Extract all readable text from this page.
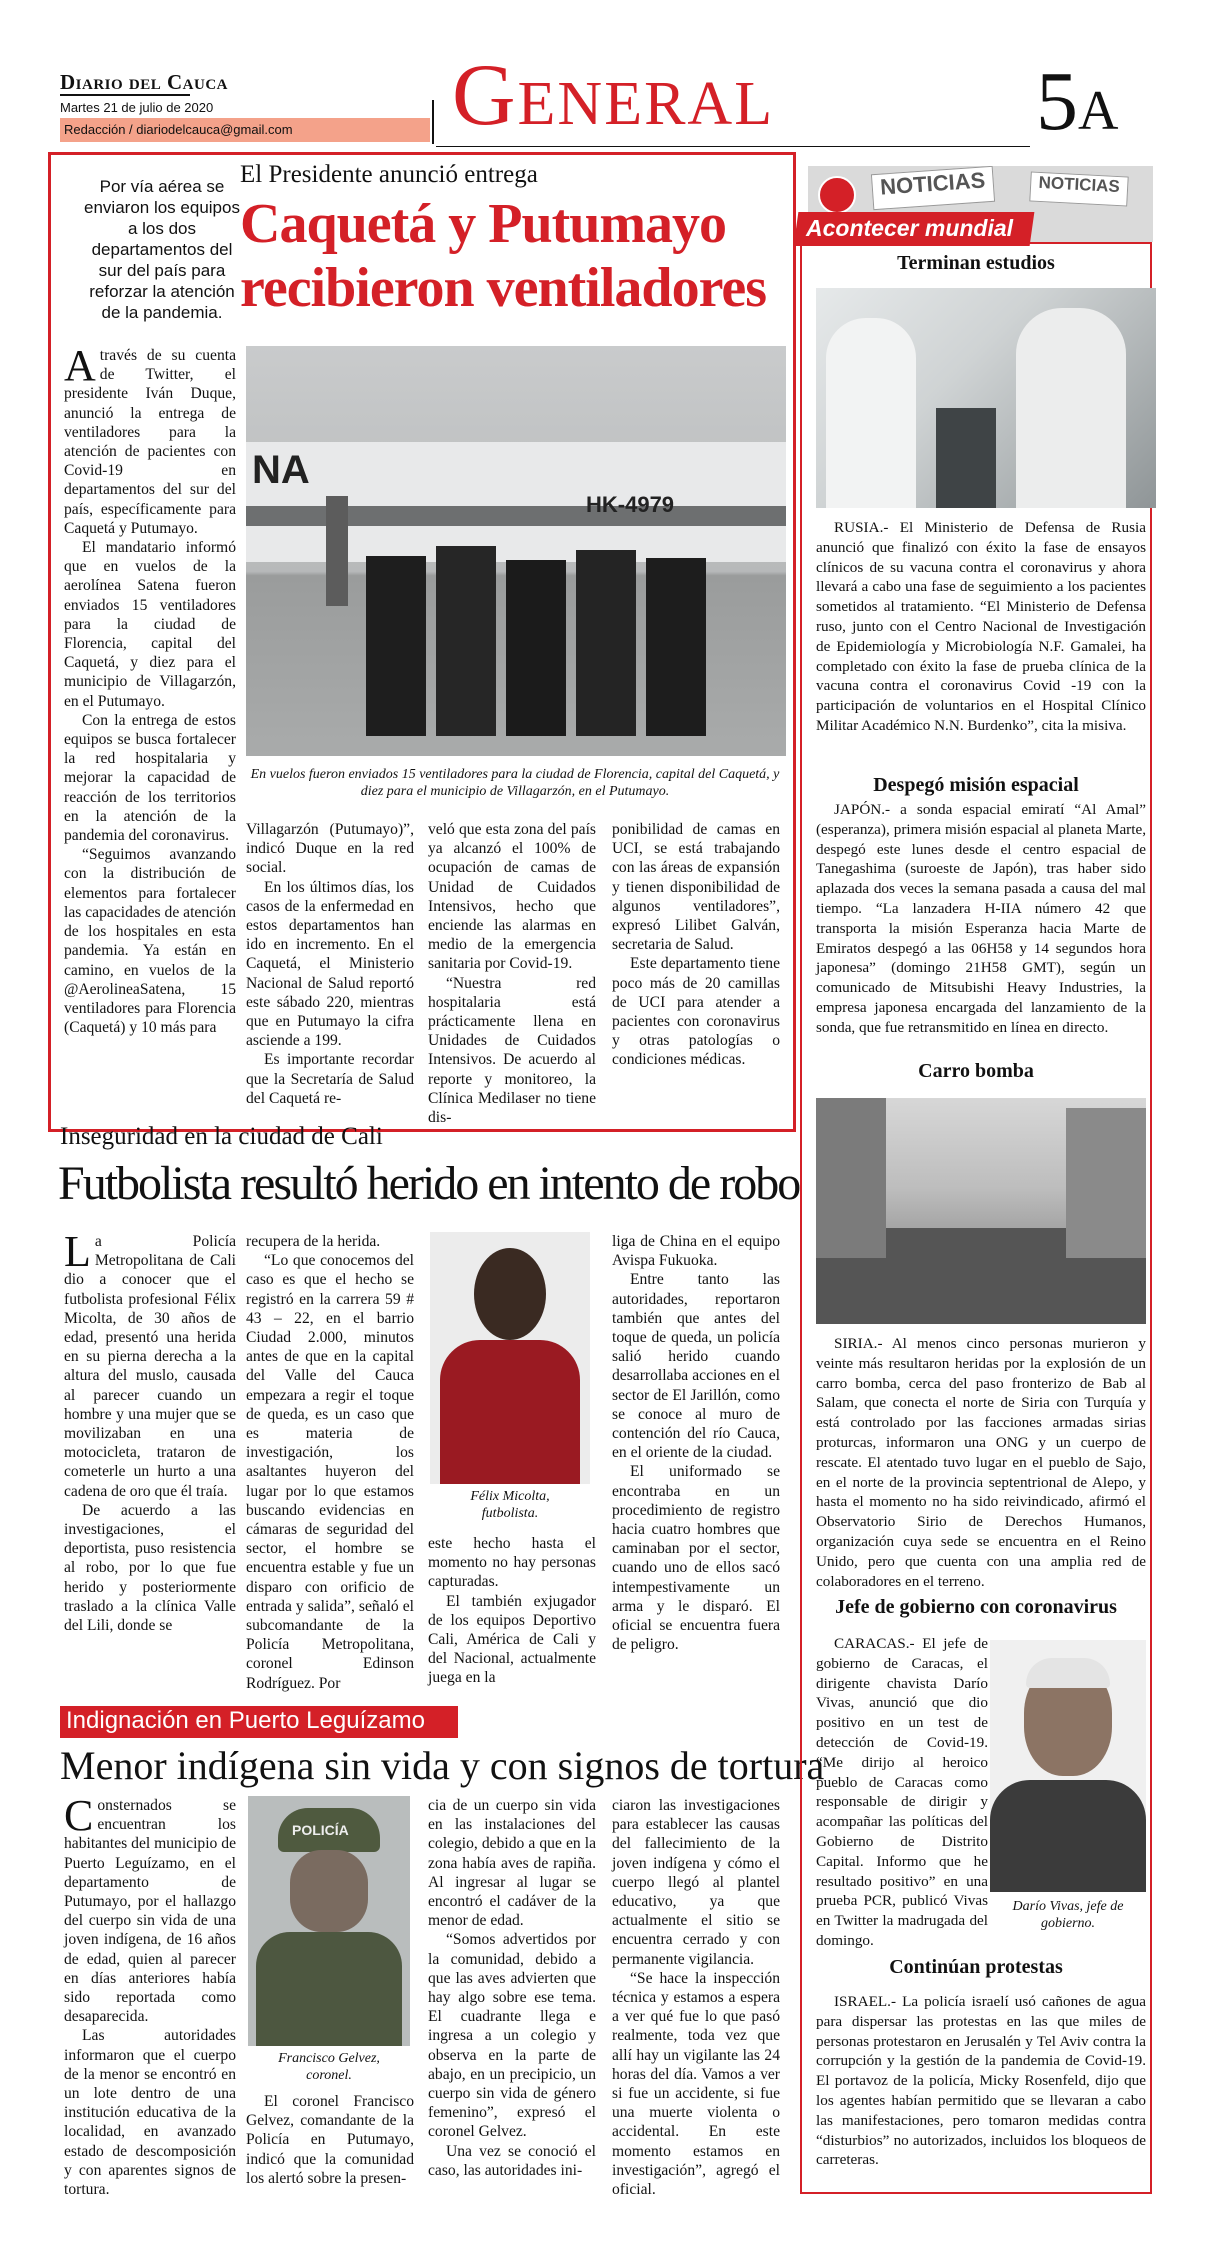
Diario del Cauca
Martes 21 de julio de 2020
Redacción / diariodelcauca@gmail.com General	5A
Por vía aérea se enviaron los equipos a los dos departamentos del sur del país para reforzar la atención de la pandemia.
El Presidente anunció entrega
Caquetá y Putumayo recibieron ventiladores
NA
HK-4979
En vuelos fueron enviados 15 ventiladores para la ciudad de Florencia, capital del Caquetá, y diez para el municipio de Villagarzón, en el Putumayo.

Através de su cuenta de Twitter, el presidente Iván Duque, anunció la entrega de ventiladores para la atención de pacientes con Covid-19 en departamentos del sur del país, específicamente para Caquetá y Putumayo.

El mandatario informó que en vuelos de la aerolínea Satena fueron enviados 15 ventiladores para la ciudad de Florencia, capital del Caquetá, y diez para el municipio de Villagarzón, en el Putumayo.

Con la entrega de estos equipos se busca fortalecer la red hospitalaria y mejorar la capacidad de reacción de los territorios en la atención de la pandemia del coronavirus.

“Seguimos avanzando con la distribución de elementos para fortalecer las capacidades de atención de los hospitales en esta pandemia. Ya están en camino, en vuelos de la @AerolineaSatena, 15 ventiladores para Florencia (Caquetá) y 10 más para

Villagarzón (Putumayo)”, indicó Duque en la red social.

En los últimos días, los casos de la enfermedad en estos departamentos han ido en incremento. En el Caquetá, el Ministerio Nacional de Salud reportó este sábado 220, mientras que en Putumayo la cifra asciende a 199.

Es importante recordar que la Secretaría de Salud del Caquetá re-

veló que esta zona del país ya alcanzó el 100% de ocupación de camas de Unidad de Cuidados Intensivos, hecho que enciende las alarmas en medio de la emergencia sanitaria por Covid-19.

“Nuestra red hospitalaria está prácticamente llena en Unidades de Cuidados Intensivos. De acuerdo al reporte y monitoreo, la Clínica Medilaser no tiene dis-

ponibilidad de camas en UCI, se está trabajando con las áreas de expansión y tienen disponibilidad de algunos ventiladores”, expresó Lilibet Galván, secretaria de Salud.

Este departamento tiene poco más de 20 camillas de UCI para atender a pacientes con coronavirus y otras patologías o condiciones médicas.

Inseguridad en la ciudad de Cali
Futbolista resultó herido en intento de robo

La Policía Metropolitana de Cali dio a conocer que el futbolista profesional Félix Micolta, de 30 años de edad, presentó una herida en su pierna derecha a la altura del muslo, causada al parecer cuando un hombre y una mujer que se movilizaban en una motocicleta, trataron de cometerle un hurto a una cadena de oro que él traía.

De acuerdo a las investigaciones, el deportista, puso resistencia al robo, por lo que fue herido y posteriormente traslado a la clínica Valle del Lili, donde se

recupera de la herida.

“Lo que conocemos del caso es que el hecho se registró en la carrera 59 # 43 – 22, en el barrio Ciudad 2.000, minutos antes de que en la capital del Valle del Cauca empezara a regir el toque de queda, es un caso que es materia de investigación, los asaltantes huyeron del lugar por lo que estamos buscando evidencias en cámaras de seguridad del sector, el hombre se encuentra estable y fue un disparo con orificio de entrada y salida”, señaló el subcomandante de la Policía Metropolitana, coronel Edinson Rodríguez. Por

Félix Micolta, futbolista.

este hecho hasta el momento no hay personas capturadas.

El también exjugador de los equipos Deportivo Cali, América de Cali y del Nacional, actualmente juega en la

liga de China en el equipo Avispa Fukuoka.

Entre tanto las autoridades, reportaron también que antes del toque de queda, un policía salió herido cuando desarrollaba acciones en el sector de El Jarillón, como se conoce al muro de contención del río Cauca, en el oriente de la ciudad.

El uniformado se encontraba en un procedimiento de registro hacia cuatro hombres que caminaban por el sector, cuando uno de ellos sacó intempestivamente un arma y le disparó. El oficial se encuentra fuera de peligro.

Indignación en Puerto Leguízamo
Menor indígena sin vida y con signos de tortura

Consternados se encuentran los habitantes del municipio de Puerto Leguízamo, en el departamento de Putumayo, por el hallazgo del cuerpo sin vida de una joven indígena, de 16 años de edad, quien al parecer en días anteriores había sido reportada como desaparecida.

Las autoridades informaron que el cuerpo de la menor se encontró en un lote dentro de una institución educativa de la localidad, en avanzado estado de descomposición y con aparentes signos de tortura.

POLICÍA
Francisco Gelvez, coronel.

El coronel Francisco Gelvez, comandante de la Policía en Putumayo, indicó que la comunidad los alertó sobre la presen-

cia de un cuerpo sin vida en las instalaciones del colegio, debido a que en la zona había aves de rapiña. Al ingresar al lugar se encontró el cadáver de la menor de edad.

“Somos advertidos por la comunidad, debido a que las aves advierten que hay algo sobre ese tema. El cuadrante llega e ingresa a un colegio y observa en la parte de abajo, en un precipicio, un cuerpo sin vida de género femenino”, expresó el coronel Gelvez.

Una vez se conoció el caso, las autoridades ini-

ciaron las investigaciones para establecer las causas del fallecimiento de la joven indígena y cómo el cuerpo llegó al plantel educativo, ya que actualmente el sitio se encuentra cerrado y con permanente vigilancia.

“Se hace la inspección técnica y estamos a espera a ver qué fue lo que pasó realmente, toda vez que allí hay un vigilante las 24 horas del día. Vamos a ver si fue un accidente, si fue una muerte violenta o accidental. En este momento estamos en investigación”, agregó el oficial.

NOTICIAS	NOTICIAS
Acontecer mundial
Terminan estudios

RUSIA.- El Ministerio de Defensa de Rusia anunció que finalizó con éxito la fase de ensayos clínicos de su vacuna contra el coronavirus y ahora llevará a cabo una fase de seguimiento a los pacientes sometidos al tratamiento. “El Ministerio de Defensa ruso, junto con el Centro Nacional de Investigación de Epidemiología y Microbiología N.F. Gamalei, ha completado con éxito la fase de prueba clínica de la vacuna contra el coronavirus Covid -19 con la participación de voluntarios en el Hospital Clínico Militar Académico N.N. Burdenko”, cita la misiva.

Despegó misión espacial

JAPÓN.- a sonda espacial emiratí “Al Amal” (esperanza), primera misión espacial al planeta Marte, despegó este lunes desde el centro espacial de Tanegashima (suroeste de Japón), tras haber sido aplazada dos veces la semana pasada a causa del mal tiempo. “La lanzadera H-IIA número 42 que transporta la misión Esperanza hacia Marte de Emiratos despegó a las 06H58 y 14 segundos hora japonesa” (domingo 21H58 GMT), según un comunicado de Mitsubishi Heavy Industries, la empresa japonesa encargada del lanzamiento de la sonda, que fue retransmitido en línea en directo.

Carro bomba

SIRIA.- Al menos cinco personas murieron y veinte más resultaron heridas por la explosión de un carro bomba, cerca del paso fronterizo de Bab al Salam, que conecta el norte de Siria con Turquía y está controlado por las facciones armadas sirias proturcas, informaron una ONG y un cuerpo de rescate. El atentado tuvo lugar en el pueblo de Sajo, en el norte de la provincia septentrional de Alepo, y hasta el momento no ha sido reivindicado, afirmó el Observatorio Sirio de Derechos Humanos, organización cuya sede se encuentra en el Reino Unido, pero que cuenta con una amplia red de colaboradores en el terreno.

Jefe de gobierno con coronavirus

CARACAS.- El jefe de gobierno de Caracas, el dirigente chavista Darío Vivas, anunció que dio positivo en un test de detección de Covid-19. “Me dirijo al heroico pueblo de Caracas como responsable de dirigir y acompañar las políticas del Gobierno de Distrito Capital. Informo que he resultado positivo” en una prueba PCR, publicó Vivas en Twitter la madrugada del domingo.

Darío Vivas, jefe de gobierno.
Continúan protestas

ISRAEL.- La policía israelí usó cañones de agua para dispersar las protestas en las que miles de personas protestaron en Jerusalén y Tel Aviv contra la corrupción y la gestión de la pandemia de Covid-19. El portavoz de la policía, Micky Rosenfeld, dijo que los agentes habían permitido que se llevaran a cabo las manifestaciones, pero tomaron medidas contra “disturbios” no autorizados, incluidos los bloqueos de carreteras.
